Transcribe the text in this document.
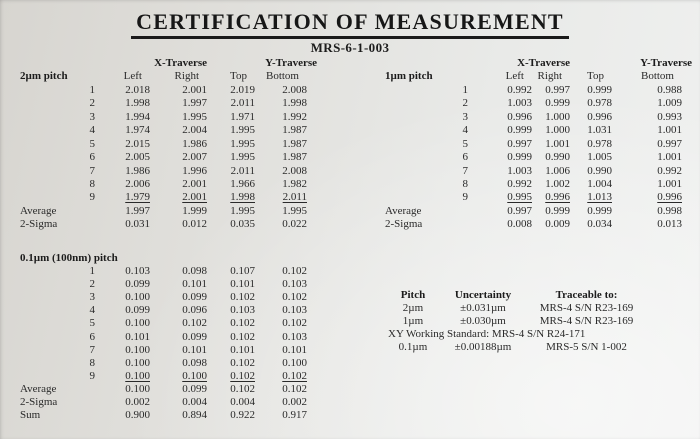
CERTIFICATION OF MEASUREMENT
MRS-6-1-003
X-Traverse	Y-Traverse
2µm pitch	Left	Right	Top	Bottom
1	2.018	2.001	2.019	2.008
2	1.998	1.997	2.011	1.998
3	1.994	1.995	1.971	1.992
4	1.974	2.004	1.995	1.987
5	2.015	1.986	1.995	1.987
6	2.005	2.007	1.995	1.987
7	1.986	1.996	2.011	2.008
8	2.006	2.001	1.966	1.982
9	1.979	2.001	1.998	2.011
Average	1.997	1.999	1.995	1.995
2-Sigma	0.031	0.012	0.035	0.022
X-Traverse	Y-Traverse
1µm pitch	Left	Right	Top	Bottom
1	0.992	0.997	0.999	0.988
2	1.003	0.999	0.978	1.009
3	0.996	1.000	0.996	0.993
4	0.999	1.000	1.031	1.001
5	0.997	1.001	0.978	0.997
6	0.999	0.990	1.005	1.001
7	1.003	1.006	0.990	0.992
8	0.992	1.002	1.004	1.001
9	0.995	0.996	1.013	0.996
Average	0.997	0.999	0.999	0.998
2-Sigma	0.008	0.009	0.034	0.013
0.1µm (100nm) pitch
1	0.103	0.098	0.107	0.102
2	0.099	0.101	0.101	0.103
3	0.100	0.099	0.102	0.102
4	0.099	0.096	0.103	0.103
5	0.100	0.102	0.102	0.102
6	0.101	0.099	0.102	0.103
7	0.100	0.101	0.101	0.101
8	0.100	0.098	0.102	0.100
9	0.100	0.100	0.102	0.102
Average	0.100	0.099	0.102	0.102
2-Sigma	0.002	0.004	0.004	0.002
Sum	0.900	0.894	0.922	0.917
Pitch	Uncertainty	Traceable to:
2µm	±0.031µm	MRS-4 S/N R23-169
1µm	±0.030µm	MRS-4 S/N R23-169
XY Working Standard: MRS-4 S/N R24-171
0.1µm	±0.00188µm	MRS-5 S/N 1-002
